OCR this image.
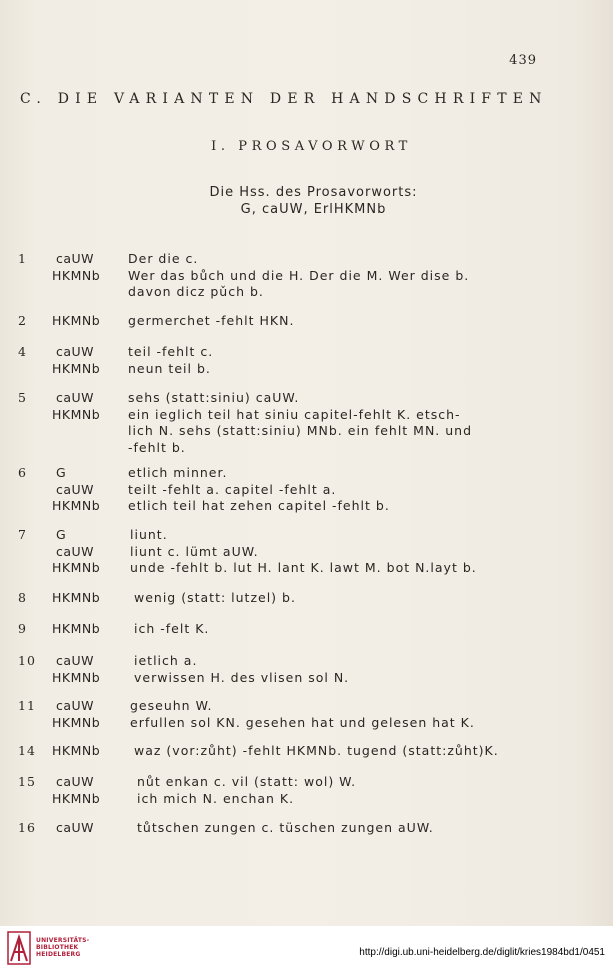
439
C. DIE VARIANTEN DER HANDSCHRIFTEN
I. PROSAVORWORT
Die Hss. des Prosavorworts:
G, caUW, ErlHKMNb
1	caUW	Der die c.
HKMNb Wer das bůch und die H. Der die M. Wer dise b.
davon dicz pǔch b.
2	HKMNb germerchet -fehlt HKN.
4	caUW	teil -fehlt c.
HKMNb neun teil b.
5	caUW	sehs (statt:siniu) caUW.
HKMNb ein ieglich teil hat siniu capitel-fehlt K. etsch-
lich N. sehs (statt:siniu) MNb. ein fehlt MN. und
-fehlt b.
6	G	etlich minner.
caUW	teilt -fehlt a. capitel -fehlt a.
HKMNb etlich teil hat zehen capitel -fehlt b.
7	G	liunt.
caUW	liunt c. lümt aUW.
HKMNb unde -fehlt b. lut H. lant K. lawt M. bot N.layt b.
8	HKMNb	wenig (statt: lutzel) b.
9	HKMNb	ich -felt K.
10	caUW	ietlich a.
HKMNb	verwissen H. des vlisen sol N.
11	caUW	geseuhn W.
HKMNb erfullen sol KN. gesehen hat und gelesen hat K.
14	HKMNb	waz (vor:zůht) -fehlt HKMNb. tugend (statt:zůht)K.
15	caUW	nůt enkan c. vil (statt: wol) W.
HKMNb	ich mich N. enchan K.
16	caUW	tůtschen zungen c. tüschen zungen aUW.
UNIVERSITÄTS-
BIBLIOTHEK
HEIDELBERG	http://digi.ub.uni-heidelberg.de/diglit/kries1984bd1/0451
